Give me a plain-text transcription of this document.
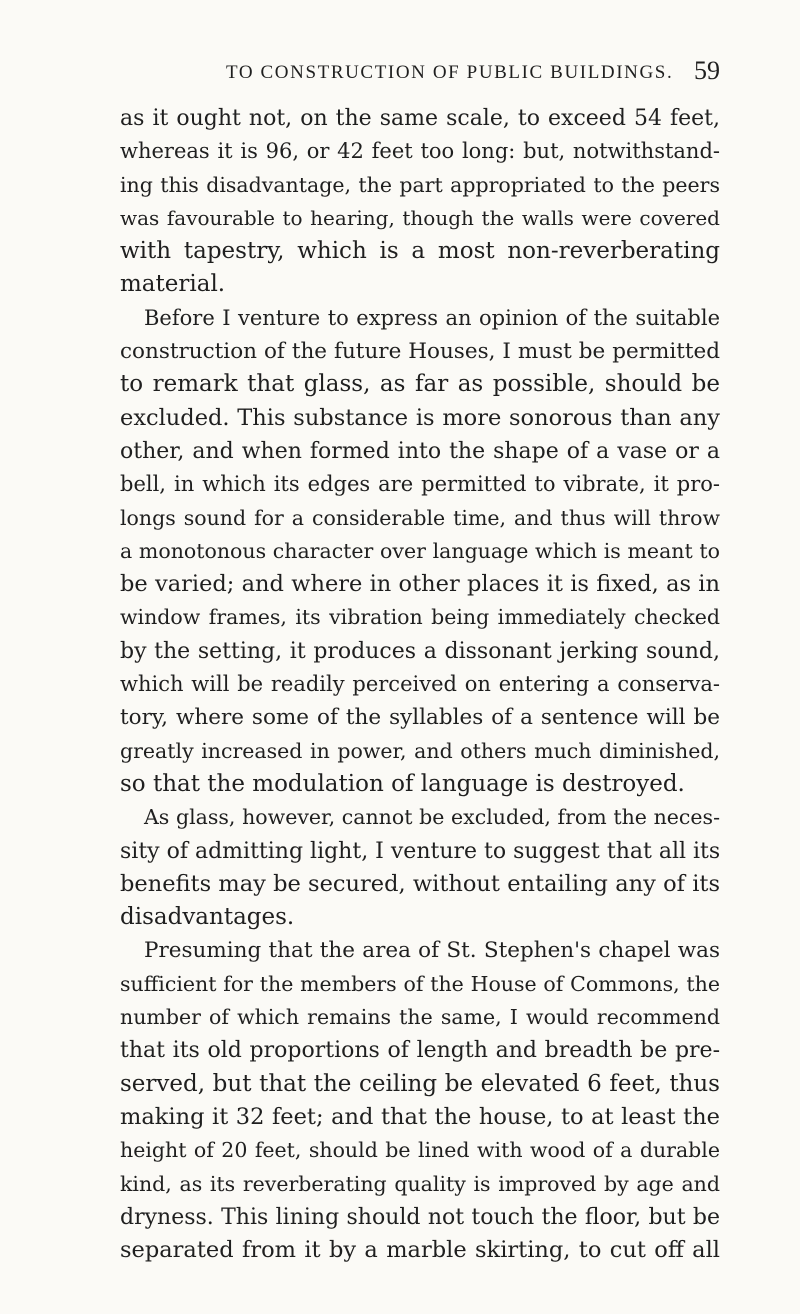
TO CONSTRUCTION OF PUBLIC BUILDINGS. 59
as it ought not, on the same scale, to exceed 54 feet,
whereas it is 96, or 42 feet too long: but, notwithstand-
ing this disadvantage, the part appropriated to the peers
was favourable to hearing, though the walls were covered
with tapestry, which is a most non-reverberating
material.
Before I venture to express an opinion of the suitable
construction of the future Houses, I must be permitted
to remark that glass, as far as possible, should be
excluded. This substance is more sonorous than any
other, and when formed into the shape of a vase or a
bell, in which its edges are permitted to vibrate, it pro-
longs sound for a considerable time, and thus will throw
a monotonous character over language which is meant to
be varied; and where in other places it is fixed, as in
window frames, its vibration being immediately checked
by the setting, it produces a dissonant jerking sound,
which will be readily perceived on entering a conserva-
tory, where some of the syllables of a sentence will be
greatly increased in power, and others much diminished,
so that the modulation of language is destroyed.
As glass, however, cannot be excluded, from the neces-
sity of admitting light, I venture to suggest that all its
benefits may be secured, without entailing any of its
disadvantages.
Presuming that the area of St. Stephen's chapel was
sufficient for the members of the House of Commons, the
number of which remains the same, I would recommend
that its old proportions of length and breadth be pre-
served, but that the ceiling be elevated 6 feet, thus
making it 32 feet; and that the house, to at least the
height of 20 feet, should be lined with wood of a durable
kind, as its reverberating quality is improved by age and
dryness. This lining should not touch the floor, but be
separated from it by a marble skirting, to cut off all
